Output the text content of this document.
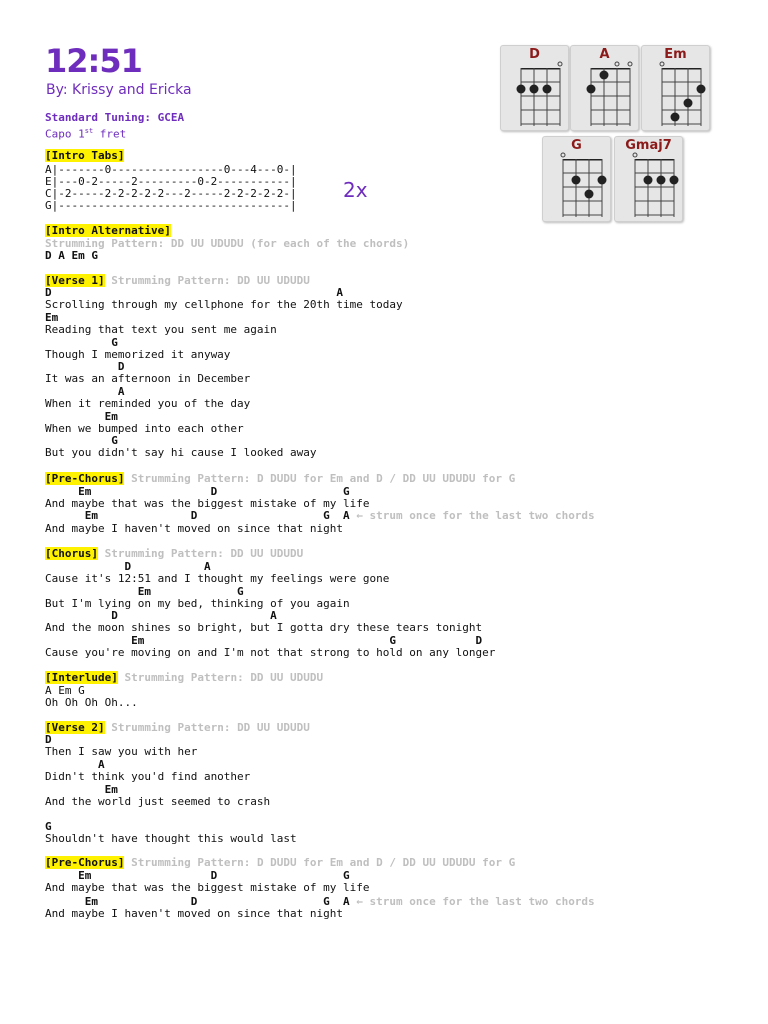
12:51
By: Krissy and Ericka
Standard Tuning: GCEA
Capo 1st fret
D	A	Em
G	Gmaj7
[Intro Tabs]
A|-------0-----------------0---4---0-|
E|---0-2-----2---------0-2-----------|
C|-2-----2-2-2-2-2---2-----2-2-2-2-2-|
G|-----------------------------------|
2x
[Intro Alternative]
Strumming Pattern: DD UU UDUDU (for each of the chords)
D A Em G
[Verse 1] Strumming Pattern: DD UU UDUDU
D                                           A
Scrolling through my cellphone for the 20th time today
Em
Reading that text you sent me again
G
Though I memorized it anyway
D
It was an afternoon in December
A
When it reminded you of the day
Em
When we bumped into each other
G
But you didn't say hi cause I looked away
[Pre-Chorus] Strumming Pattern: D DUDU for Em and D / DD UU UDUDU for G
Em                  D                   G
And maybe that was the biggest mistake of my life
Em              D                   G  A ← strum once for the last two chords
And maybe I haven't moved on since that night
[Chorus] Strumming Pattern: DD UU UDUDU
D           A
Cause it's 12:51 and I thought my feelings were gone
Em             G
But I'm lying on my bed, thinking of you again
D                       A
And the moon shines so bright, but I gotta dry these tears tonight
Em                                     G            D
Cause you're moving on and I'm not that strong to hold on any longer
[Interlude] Strumming Pattern: DD UU UDUDU
A Em G
Oh Oh Oh Oh...
[Verse 2] Strumming Pattern: DD UU UDUDU
D
Then I saw you with her
A
Didn't think you'd find another
Em
And the world just seemed to crash
G
Shouldn't have thought this would last
[Pre-Chorus] Strumming Pattern: D DUDU for Em and D / DD UU UDUDU for G
Em                  D                   G
And maybe that was the biggest mistake of my life
Em              D                   G  A ← strum once for the last two chords
And maybe I haven't moved on since that night
